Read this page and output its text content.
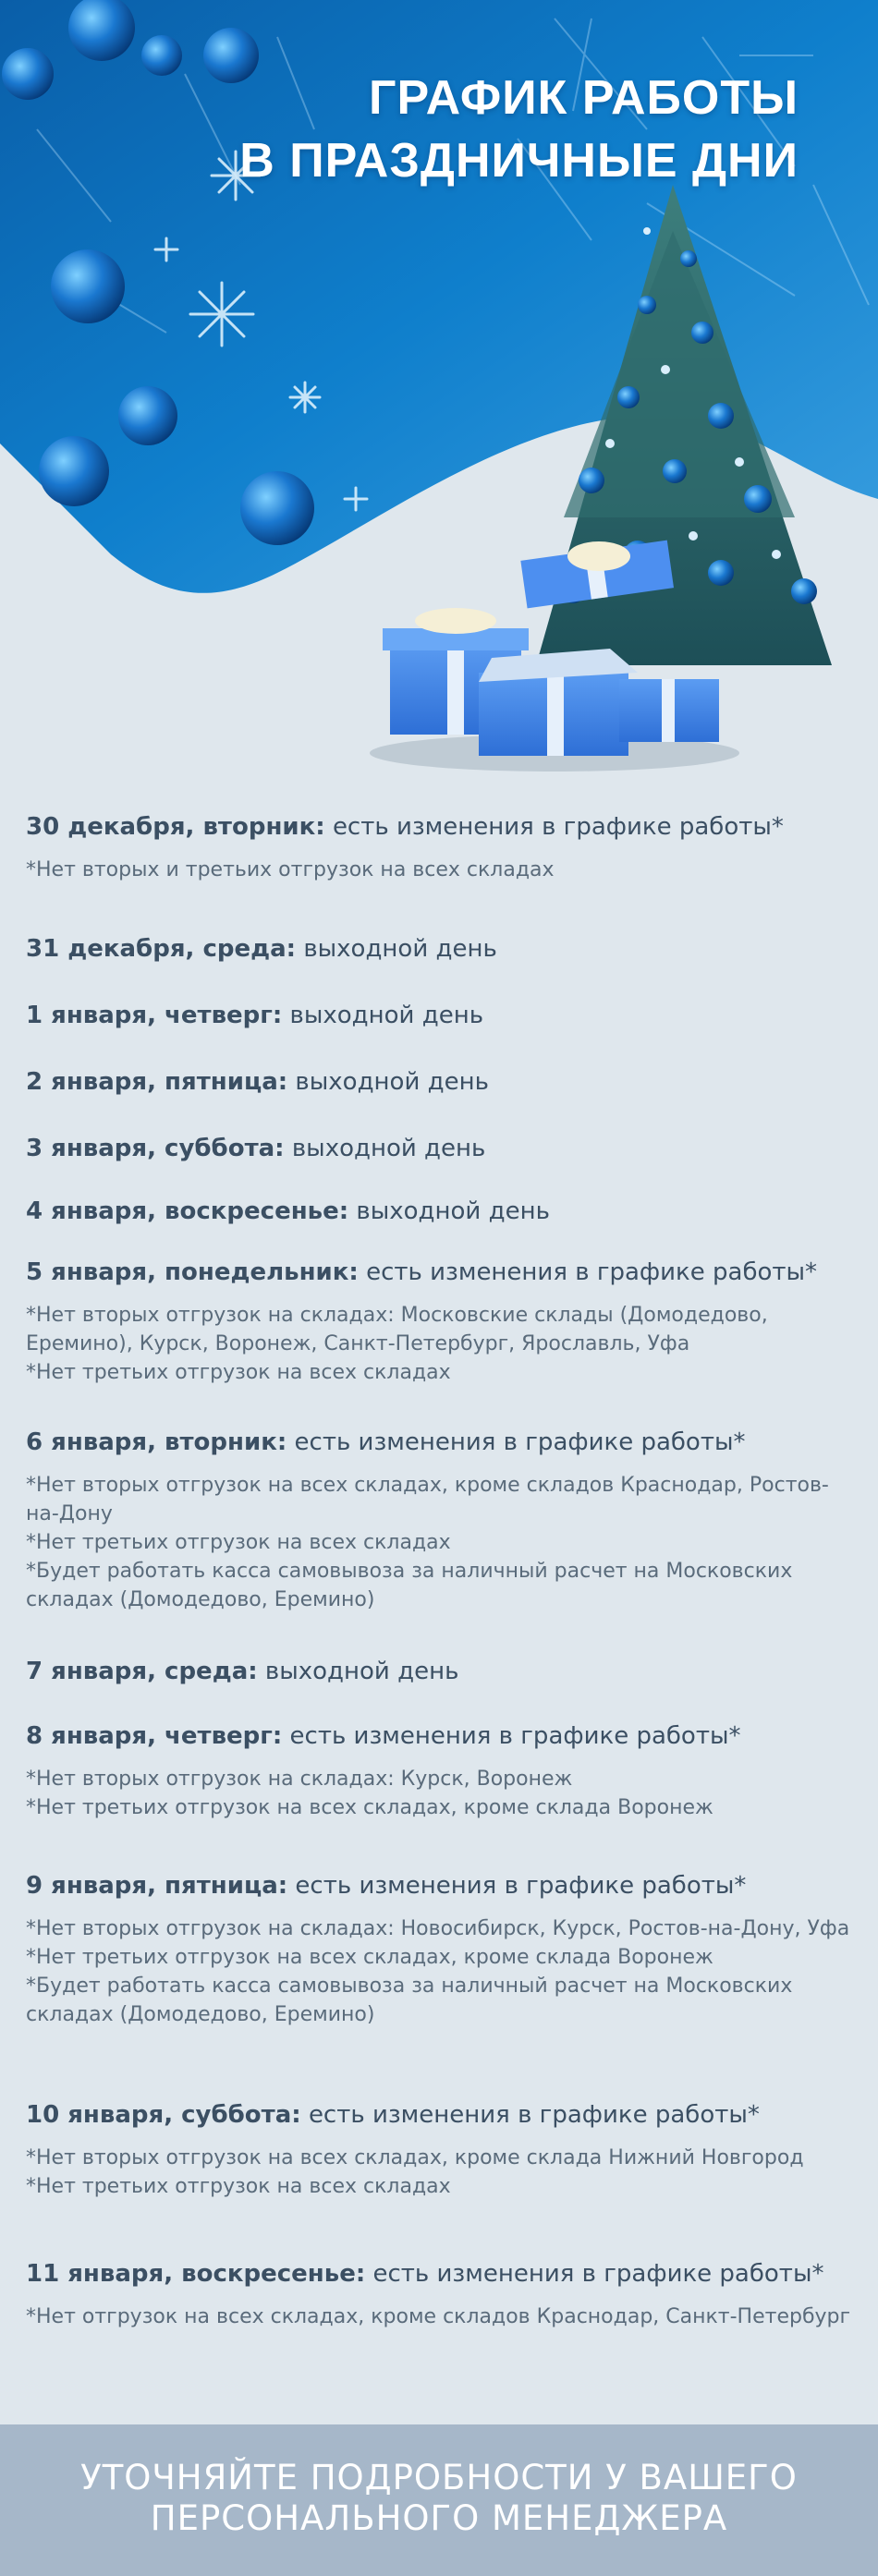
ГРАФИК РАБОТЫ
В ПРАЗДНИЧНЫЕ ДНИ
30 декабря, вторник: есть изменения в графике работы*
*Нет вторых и третьих отгрузок на всех складах
31 декабря, среда: выходной день
1 января, четверг: выходной день
2 января, пятница: выходной день
3 января, суббота: выходной день
4 января, воскресенье: выходной день
5 января, понедельник: есть изменения в графике работы*
*Нет вторых отгрузок на складах: Московские склады (Домодедово, Еремино), Курск, Воронеж, Санкт-Петербург, Ярославль, Уфа
*Нет третьих отгрузок на всех складах
6 января, вторник: есть изменения в графике работы*
*Нет вторых отгрузок на всех складах, кроме складов Краснодар, Ростов-на-Дону
*Нет третьих отгрузок на всех складах
*Будет работать касса самовывоза за наличный расчет на Московских складах (Домодедово, Еремино)
7 января, среда: выходной день
8 января, четверг: есть изменения в графике работы*
*Нет вторых отгрузок на складах: Курск, Воронеж
*Нет третьих отгрузок на всех складах, кроме склада Воронеж
9 января, пятница: есть изменения в графике работы*
*Нет вторых отгрузок на складах: Новосибирск, Курск, Ростов-на-Дону, Уфа
*Нет третьих отгрузок на всех складах, кроме склада Воронеж
*Будет работать касса самовывоза за наличный расчет на Московских складах (Домодедово, Еремино)
10 января, суббота: есть изменения в графике работы*
*Нет вторых отгрузок на всех складах, кроме склада Нижний Новгород
*Нет третьих отгрузок на всех складах
11 января, воскресенье: есть изменения в графике работы*
*Нет отгрузок на всех складах, кроме складов Краснодар, Санкт-Петербург
УТОЧНЯЙТЕ ПОДРОБНОСТИ У ВАШЕГО
ПЕРСОНАЛЬНОГО МЕНЕДЖЕРА
